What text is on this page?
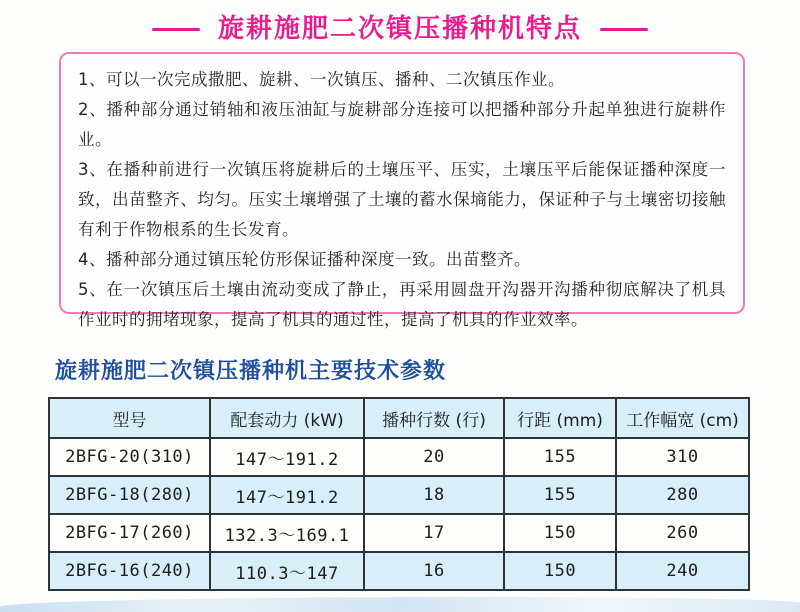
旋耕施肥二次镇压播种机特点

1、可以一次完成撒肥、旋耕、一次镇压、播种、二次镇压作业。

2、播种部分通过销轴和液压油缸与旋耕部分连接可以把播种部分升起单独进行旋耕作业。

3、在播种前进行一次镇压将旋耕后的土壤压平、压实，土壤压平后能保证播种深度一致，出苗整齐、均匀。压实土壤增强了土壤的蓄水保墒能力，保证种子与土壤密切接触有利于作物根系的生长发育。

4、播种部分通过镇压轮仿形保证播种深度一致。出苗整齐。

5、在一次镇压后土壤由流动变成了静止，再采用圆盘开沟器开沟播种彻底解决了机具作业时的拥堵现象，提高了机具的通过性，提高了机具的作业效率。

旋耕施肥二次镇压播种机主要技术参数
型号	配套动力 (kW)	播种行数 (行)	行距 (mm)	工作幅宽 (cm)
2BFG-20(310)	147～191.2	20	155	310
2BFG-18(280)	147～191.2	18	155	280
2BFG-17(260)	132.3～169.1	17	150	260
2BFG-16(240)	110.3～147	16	150	240
